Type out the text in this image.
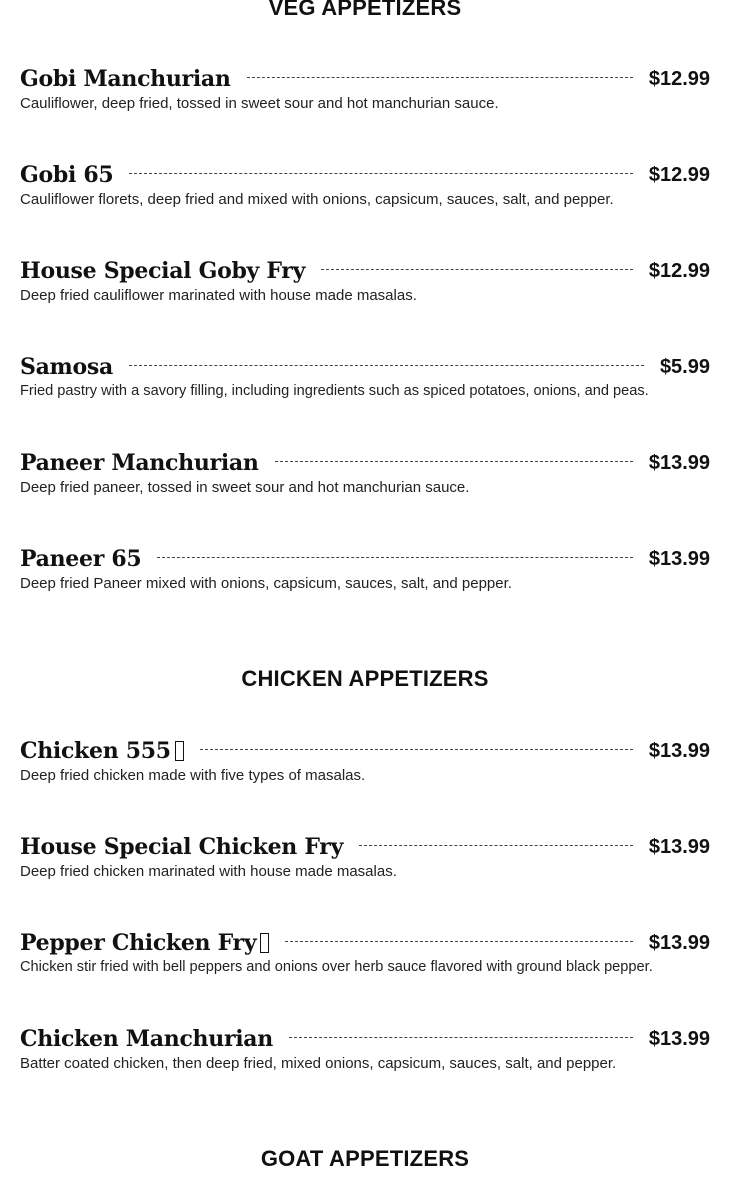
VEG APPETIZERS
Gobi Manchurian	$12.99
Cauliflower, deep fried, tossed in sweet sour and hot manchurian sauce.
Gobi 65	$12.99
Cauliflower florets, deep fried and mixed with onions, capsicum, sauces, salt, and pepper.
House Special Goby Fry	$12.99
Deep fried cauliflower marinated with house made masalas.
Samosa	$5.99
Fried pastry with a savory filling, including ingredients such as spiced potatoes, onions, and peas.
Paneer Manchurian	$13.99
Deep fried paneer, tossed in sweet sour and hot manchurian sauce.
Paneer 65	$13.99
Deep fried Paneer mixed with onions, capsicum, sauces, salt, and pepper.
CHICKEN APPETIZERS
Chicken 555	$13.99
Deep fried chicken made with five types of masalas.
House Special Chicken Fry	$13.99
Deep fried chicken marinated with house made masalas.
Pepper Chicken Fry	$13.99
Chicken stir fried with bell peppers and onions over herb sauce flavored with ground black pepper.
Chicken Manchurian	$13.99
Batter coated chicken, then deep fried, mixed onions, capsicum, sauces, salt, and pepper.
GOAT APPETIZERS
